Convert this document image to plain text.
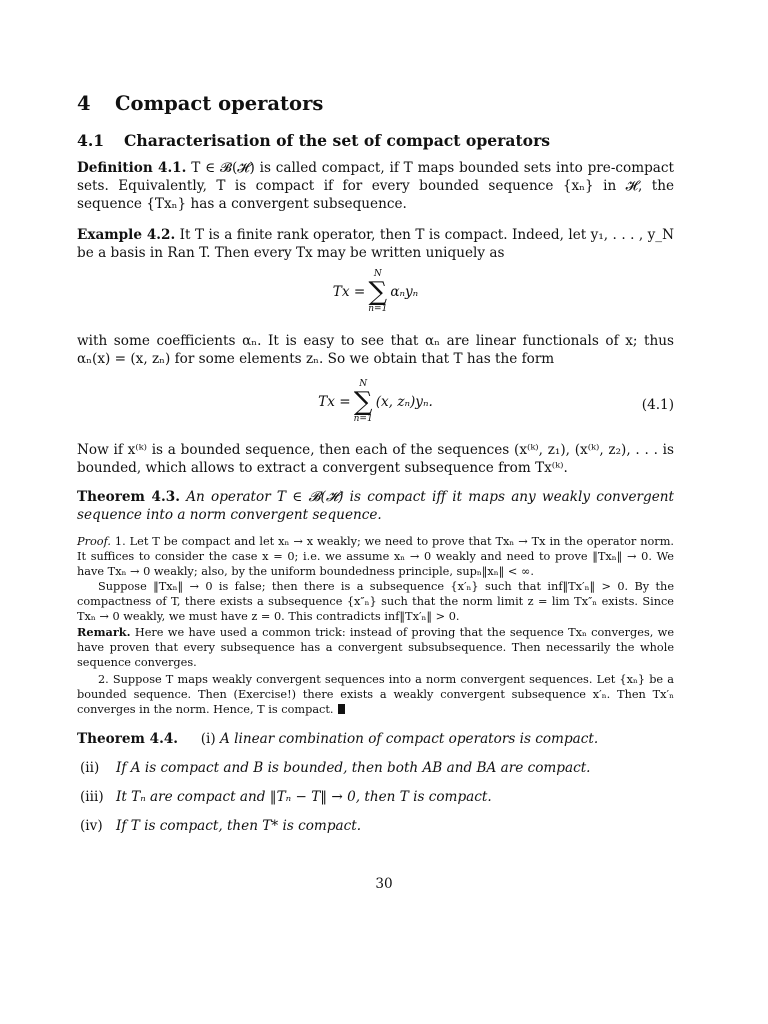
4 Compact operators
4.1 Characterisation of the set of compact operators
Definition 4.1. T ∈ 𝓑(𝓗) is called compact, if T maps bounded sets into pre-compact sets. Equivalently, T is compact if for every bounded sequence {xₙ} in 𝓗, the sequence {Txₙ} has a convergent subsequence.
Example 4.2. It T is a finite rank operator, then T is compact. Indeed, let y₁, . . . , y_N be a basis in Ran T. Then every Tx may be written uniquely as
Tx =
N
∑
n=1
αₙyₙ
with some coefficients αₙ. It is easy to see that αₙ are linear functionals of x; thus αₙ(x) = (x, zₙ) for some elements zₙ. So we obtain that T has the form
Tx =
N
∑
n=1
(x, zₙ)yₙ.	(4.1)
Now if x⁽ᵏ⁾ is a bounded sequence, then each of the sequences (x⁽ᵏ⁾, z₁), (x⁽ᵏ⁾, z₂), . . . is bounded, which allows to extract a convergent subsequence from Tx⁽ᵏ⁾.
Theorem 4.3. An operator T ∈ 𝓑(𝓗) is compact iff it maps any weakly convergent sequence into a norm convergent sequence.
Proof. 1. Let T be compact and let xₙ → x weakly; we need to prove that Txₙ → Tx in the operator norm. It suffices to consider the case x = 0; i.e. we assume xₙ → 0 weakly and need to prove ‖Txₙ‖ → 0. We have Txₙ → 0 weakly; also, by the uniform boundedness principle, supₙ‖xₙ‖ < ∞.
Suppose ‖Txₙ‖ → 0 is false; then there is a subsequence {x′ₙ} such that inf‖Tx′ₙ‖ > 0. By the compactness of T, there exists a subsequence {x″ₙ} such that the norm limit z = lim Tx″ₙ exists. Since Txₙ → 0 weakly, we must have z = 0. This contradicts inf‖Tx′ₙ‖ > 0.
Remark. Here we have used a common trick: instead of proving that the sequence Txₙ converges, we have proven that every subsequence has a convergent subsubsequence. Then necessarily the whole sequence converges.
2. Suppose T maps weakly convergent sequences into a norm convergent sequences. Let {xₙ} be a bounded sequence. Then (Exercise!) there exists a weakly convergent subsequence x′ₙ. Then Tx′ₙ converges in the norm. Hence, T is compact.
Theorem 4.4. (i) A linear combination of compact operators is compact.
(ii) If A is compact and B is bounded, then both AB and BA are compact.
(iii) It Tₙ are compact and ‖Tₙ − T‖ → 0, then T is compact.
(iv) If T is compact, then T* is compact.
30
